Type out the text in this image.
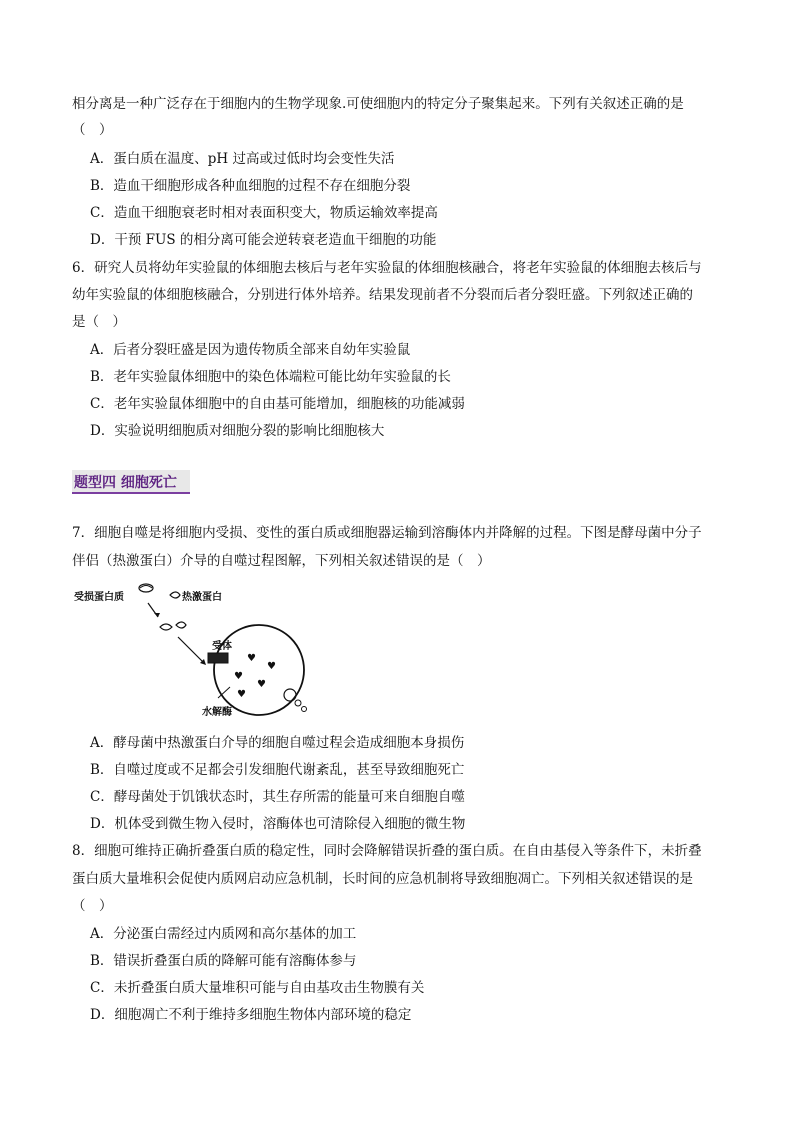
相分离是一种广泛存在于细胞内的生物学现象.可使细胞内的特定分子聚集起来。下列有关叙述正确的是
（　）
A．蛋白质在温度、pH 过高或过低时均会变性失活
B．造血干细胞形成各种血细胞的过程不存在细胞分裂
C．造血干细胞衰老时相对表面积变大，物质运输效率提高
D．干预 FUS 的相分离可能会逆转衰老造血干细胞的功能
6．研究人员将幼年实验鼠的体细胞去核后与老年实验鼠的体细胞核融合，将老年实验鼠的体细胞去核后与
幼年实验鼠的体细胞核融合，分别进行体外培养。结果发现前者不分裂而后者分裂旺盛。下列叙述正确的
是（　）
A．后者分裂旺盛是因为遗传物质全部来自幼年实验鼠
B．老年实验鼠体细胞中的染色体端粒可能比幼年实验鼠的长
C．老年实验鼠体细胞中的自由基可能增加，细胞核的功能减弱
D．实验说明细胞质对细胞分裂的影响比细胞核大
题型四 细胞死亡
7．细胞自噬是将细胞内受损、变性的蛋白质或细胞器运输到溶酶体内并降解的过程。下图是酵母菌中分子
伴侣（热激蛋白）介导的自噬过程图解，下列相关叙述错误的是（　）
受损蛋白质	热激蛋白
受体
♥
♥
♥
♥
♥
水解酶
A．酵母菌中热激蛋白介导的细胞自噬过程会造成细胞本身损伤
B．自噬过度或不足都会引发细胞代谢紊乱，甚至导致细胞死亡
C．酵母菌处于饥饿状态时，其生存所需的能量可来自细胞自噬
D．机体受到微生物入侵时，溶酶体也可清除侵入细胞的微生物
8．细胞可维持正确折叠蛋白质的稳定性，同时会降解错误折叠的蛋白质。在自由基侵入等条件下，未折叠
蛋白质大量堆积会促使内质网启动应急机制，长时间的应急机制将导致细胞凋亡。下列相关叙述错误的是
（　）
A．分泌蛋白需经过内质网和高尔基体的加工
B．错误折叠蛋白质的降解可能有溶酶体参与
C．未折叠蛋白质大量堆积可能与自由基攻击生物膜有关
D．细胞凋亡不利于维持多细胞生物体内部环境的稳定
